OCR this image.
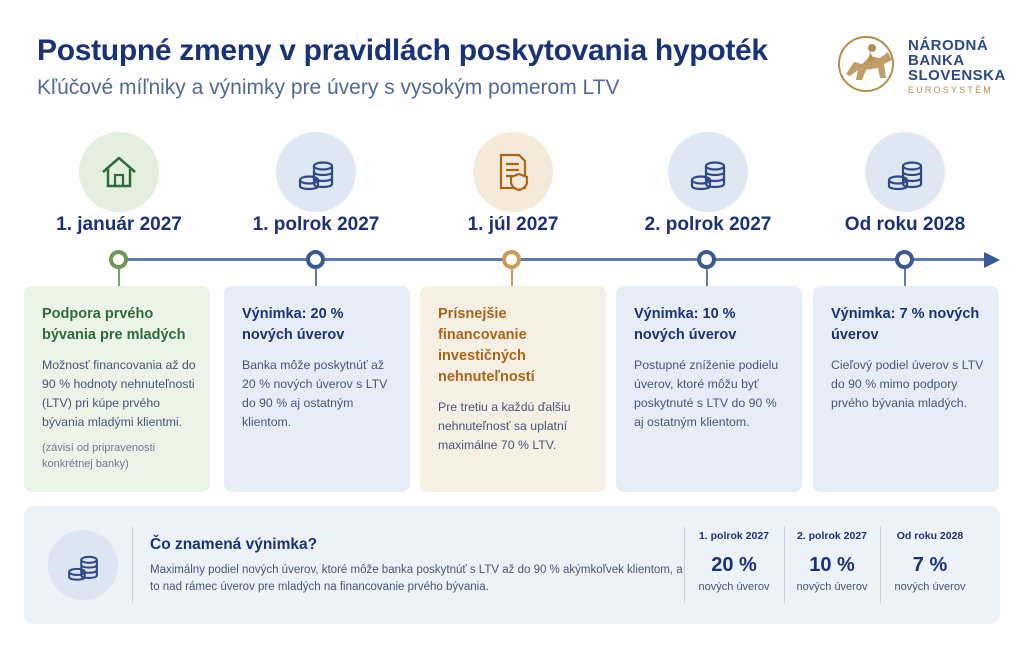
Postupné zmeny v pravidlách poskytovania hypoték
Kľúčové míľniky a výnimky pre úvery s vysokým pomerom LTV
NÁRODNÁ
BANKA
SLOVENSKA
EUROSYSTÉM
1. január 2027	1. polrok 2027	1. júl 2027	2. polrok 2027	Od roku 2028
Podpora prvého bývania pre mladých

Možnosť financovania až do 90 % hodnoty nehnuteľnosti (LTV) pri kúpe prvého bývania mladými klientmi.

(závisí od pripravenosti konkrétnej banky)
Výnimka: 20 % nových úverov

Banka môže poskytnúť až 20 % nových úverov s LTV do 90 % aj ostatným klientom.

Prísnejšie financovanie investičných nehnuteľností

Pre tretiu a každú ďalšiu nehnuteľnosť sa uplatní maximálne 70 % LTV.

Výnimka: 10 % nových úverov

Postupné zníženie podielu úverov, ktoré môžu byť poskytnuté s LTV do 90 % aj ostatným klientom.

Výnimka: 7 % nových úverov

Cieľový podiel úverov s LTV do 90 % mimo podpory prvého bývania mladých.

Čo znamená výnimka?
Maximálny podiel nových úverov, ktoré môže banka poskytnúť s LTV až do 90 % akýmkoľvek klientom, a to nad rámec úverov pre mladých na financovanie prvého bývania.
1. polrok 2027
20 %
nových úverov
2. polrok 2027
10 %
nových úverov
Od roku 2028
7 %
nových úverov
